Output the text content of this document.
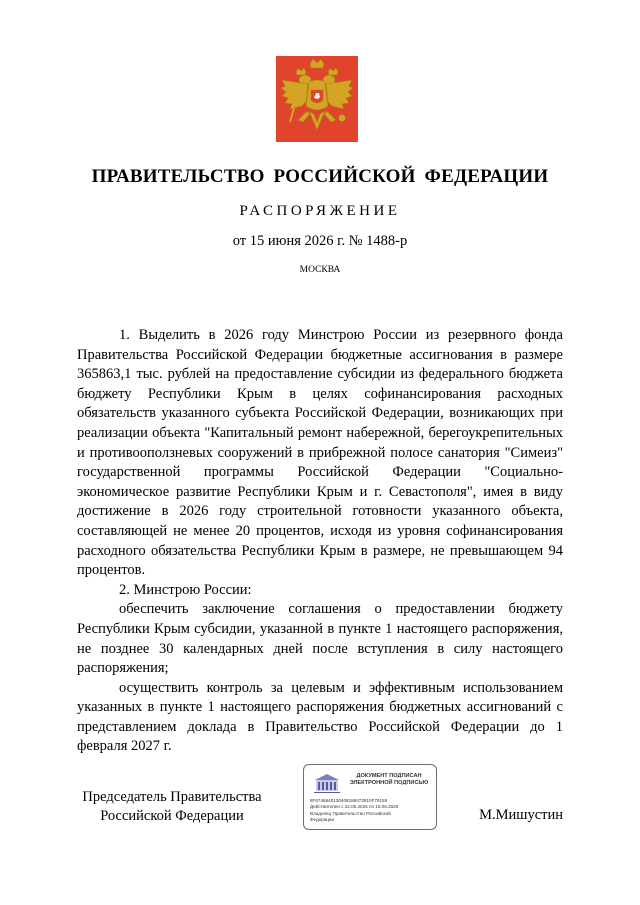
ПРАВИТЕЛЬСТВО РОССИЙСКОЙ ФЕДЕРАЦИИ
РАСПОРЯЖЕНИЕ
от 15 июня 2026 г. № 1488-р
МОСКВА

1. Выделить в 2026 году Минстрою России из резервного фонда Правительства Российской Федерации бюджетные ассигнования в размере 365863,1 тыс. рублей на предоставление субсидии из федерального бюджета бюджету Республики Крым в целях софинансирования расходных обязательств указанного субъекта Российской Федерации, возникающих при реализации объекта "Капитальный ремонт набережной, берегоукрепительных и противооползневых сооружений в прибрежной полосе санатория "Симеиз" государственной программы Российской Федерации "Социально-экономическое развитие Республики Крым и г. Севастополя", имея в виду достижение в 2026 году строительной готовности указанного объекта, составляющей не менее 20 процентов, исходя из уровня софинансирования расходного обязательства Республики Крым в размере, не превышающем 94 процентов.

2. Минстрою России:

обеспечить заключение соглашения о предоставлении бюджету Республики Крым субсидии, указанной в пункте 1 настоящего распоряжения, не позднее 30 календарных дней после вступления в силу настоящего распоряжения;

осуществить контроль за целевым и эффективным использованием указанных в пункте 1 настоящего распоряжения бюджетных ассигнований с представлением доклада в Правительство Российской Федерации до 1 февраля 2027 г.

Председатель Правительства
Российской Федерации
ДОКУМЕНТ ПОДПИСАН
ЭЛЕКТРОННОЙ ПОДПИСЬЮ
8F6748640130408188472810F79155
Действителен с 22.05.2025 по 15.08.2026
Владелец Правительство Российской
Федерации	М.Мишустин
